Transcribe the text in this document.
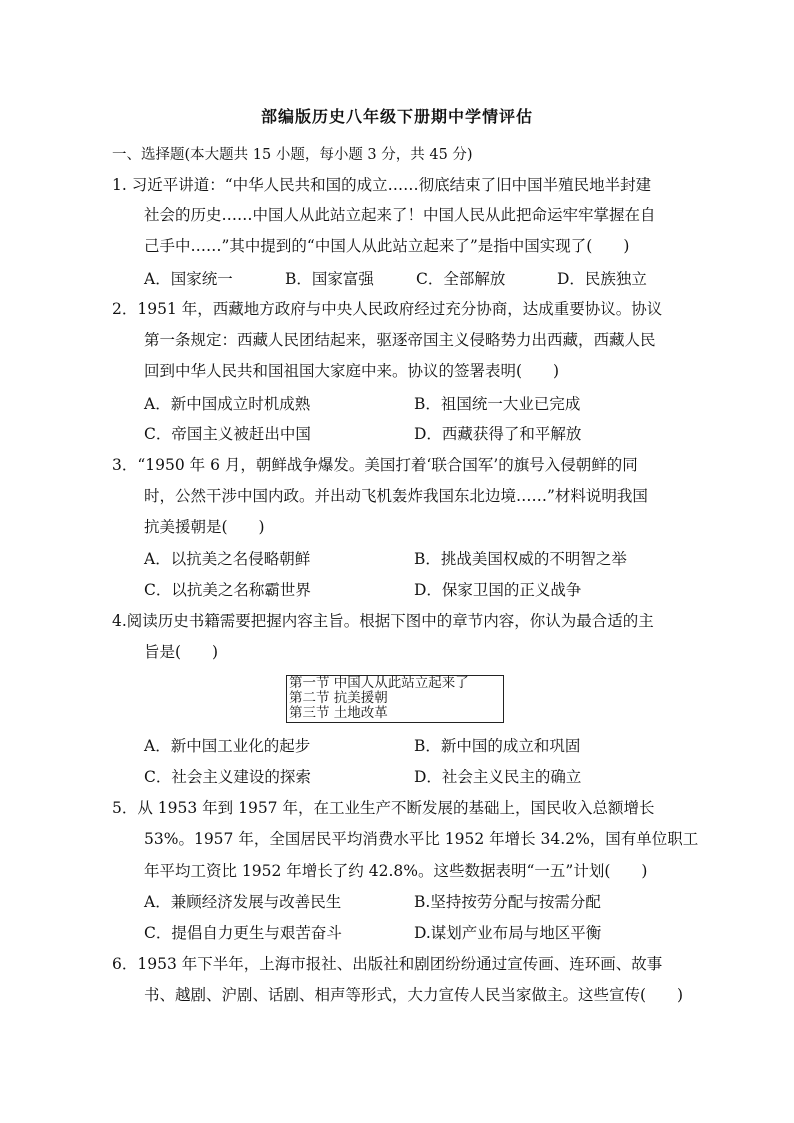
部编版历史八年级下册期中学情评估
一、选择题(本大题共 15 小题，每小题 3 分，共 45 分)
1. 习近平讲道：“中华人民共和国的成立……彻底结束了旧中国半殖民地半封建
社会的历史……中国人从此站立起来了！中国人民从此把命运牢牢掌握在自
己手中……”其中提到的“中国人从此站立起来了”是指中国实现了(　　)
A．国家统一	B．国家富强	C．全部解放	D．民族独立
2．1951 年，西藏地方政府与中央人民政府经过充分协商，达成重要协议。协议
第一条规定：西藏人民团结起来，驱逐帝国主义侵略势力出西藏，西藏人民
回到中华人民共和国祖国大家庭中来。协议的签署表明(　　)
A．新中国成立时机成熟	B．祖国统一大业已完成
C．帝国主义被赶出中国	D．西藏获得了和平解放
3．“1950 年 6 月，朝鲜战争爆发。美国打着‘联合国军’的旗号入侵朝鲜的同
时，公然干涉中国内政。并出动飞机轰炸我国东北边境……”材料说明我国
抗美援朝是(　　)
A．以抗美之名侵略朝鲜	B．挑战美国权威的不明智之举
C．以抗美之名称霸世界	D．保家卫国的正义战争
4.阅读历史书籍需要把握内容主旨。根据下图中的章节内容，你认为最合适的主
旨是(　　)
第一节 中国人从此站立起来了
第二节 抗美援朝
第三节 土地改革
A．新中国工业化的起步	B．新中国的成立和巩固
C．社会主义建设的探索	D．社会主义民主的确立
5．从 1953 年到 1957 年，在工业生产不断发展的基础上，国民收入总额增长
53%。1957 年，全国居民平均消费水平比 1952 年增长 34.2%，国有单位职工
年平均工资比 1952 年增长了约 42.8%。这些数据表明“一五”计划(　　)
A．兼顾经济发展与改善民生	B.坚持按劳分配与按需分配
C．提倡自力更生与艰苦奋斗	D.谋划产业布局与地区平衡
6．1953 年下半年，上海市报社、出版社和剧团纷纷通过宣传画、连环画、故事
书、越剧、沪剧、话剧、相声等形式，大力宣传人民当家做主。这些宣传(　　)
